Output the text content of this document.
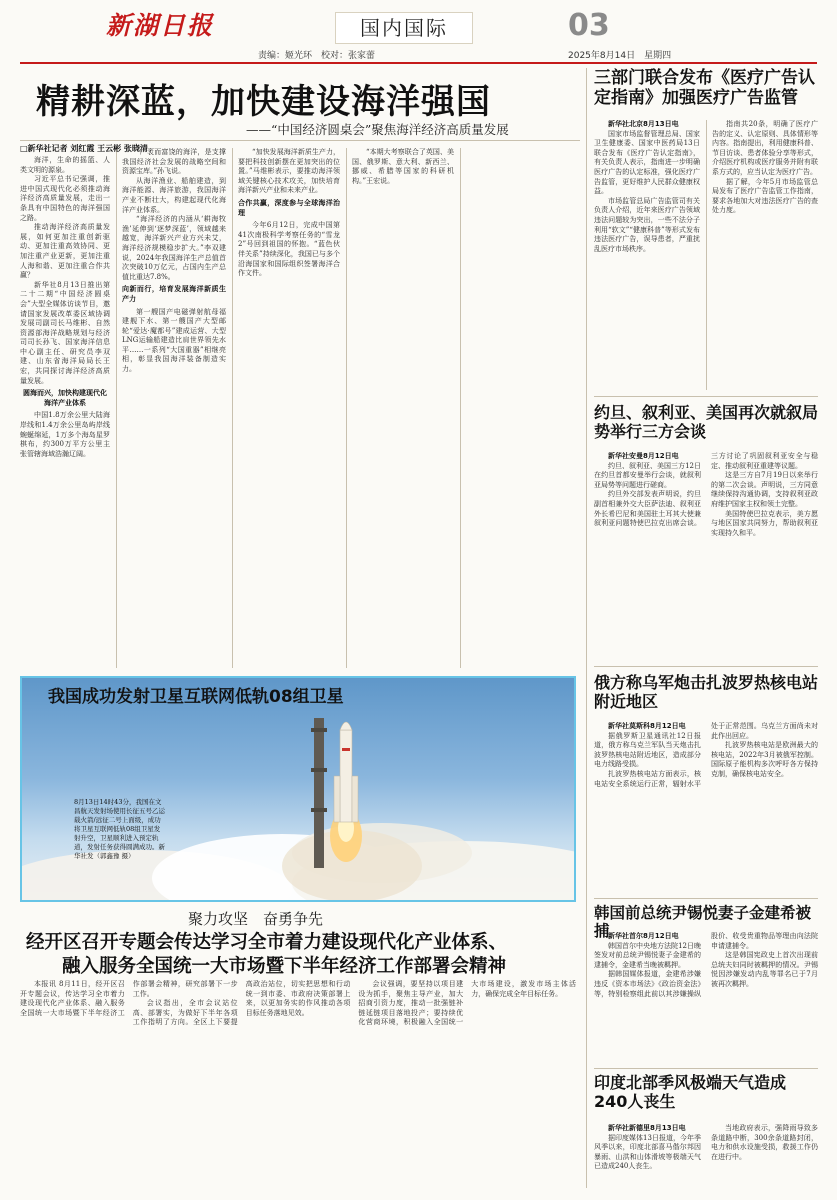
新湖日报	国内国际	03
责编：姬光环　校对：张家蕾	2025年8月14日　星期四
精耕深蓝，加快建设海洋强国
——“中国经济圆桌会”聚焦海洋经济高质量发展
□新华社记者 刘红霞 王云彬 张晓清

海洋，生命的摇篮、人类文明的源泉。

习近平总书记强调，推进中国式现代化必须推动海洋经济高质量发展，走出一条具有中国特色的海洋强国之路。

推动海洋经济高质量发展，如何更加注重创新驱动、更加注重高效协同、更加注重产业更新，更加注重人海和谐、更加注重合作共赢？

新华社8月13日推出第二十二期“中国经济圆桌会”大型全媒体访谈节目，邀请国家发展改革委区域协调发展司副司长马维彬、自然资源部海洋战略规划与经济司司长孙飞、国家海洋信息中心副主任、研究员李双建、山东省海洋局局长王宏，共同探讨海洋经济高质量发展。

圆海而兴，加快构建现代化海洋产业体系

中国1.8万余公里大陆海岸线和1.4万余公里岛屿岸线蜿蜒绵延，1万多个海岛星罗棋布，约300万平方公里主张管辖海域浩瀚辽阔。

“广袤而富饶的海洋，是支撑我国经济社会发展的战略空间和资源宝库。”孙飞说。

从海洋渔业、船舶建造，到海洋能源、海洋旅游，我国海洋产业不断壮大，构建起现代化海洋产业体系。

“海洋经济的内涵从‘耕海牧渔’延伸到‘逐梦深蓝’，领域越来越宽，海洋新兴产业方兴未艾，海洋经济规模稳步扩大。”李双建说，2024年我国海洋生产总值首次突破10万亿元，占国内生产总值比重达7.8%。

向新而行，培育发展海洋新质生产力

第一艘国产电磁弹射航母福建舰下水、第一艘国产大型邮轮“爱达·魔都号”建成运营、大型LNG运输船建造比肩世界领先水平……一系列“大国重器”相继亮相，彰显我国海洋装备制造实力。

“加快发展海洋新质生产力，要把科技创新摆在更加突出的位置。”马维彬表示，要推动海洋领域关键核心技术攻关，加快培育海洋新兴产业和未来产业。

合作共赢，深度参与全球海洋治理

今年6月12日，完成中国第41次南极科学考察任务的“雪龙2”号回到祖国的怀抱。“蓝色伙伴关系”持续深化，我国已与多个沿海国家和国际组织签署海洋合作文件。

“本期大考察联合了英国、美国、俄罗斯、意大利、新西兰、挪威、希腊等国家的科研机构。”王宏说。

我国成功发射卫星互联网低轨08组卫星
8月13日14时43分，我国在文昌航天发射场使用长征五号乙运载火箭/远征二号上面级，成功将卫星互联网低轨08组卫星发射升空，卫星顺利进入预定轨道，发射任务获得圆满成功。新华社发（郭鑫豫 摄）
聚力攻坚　奋勇争先
经开区召开专题会传达学习全市着力建设现代化产业体系、
融入服务全国统一大市场暨下半年经济工作部署会精神

本报讯 8月11日，经开区召开专题会议，传达学习全市着力建设现代化产业体系、融入服务全国统一大市场暨下半年经济工作部署会精神，研究部署下一步工作。

会议指出，全市会议站位高、部署实，为做好下半年各项工作指明了方向。全区上下要提高政治站位，切实把思想和行动统一到市委、市政府决策部署上来，以更加务实的作风推动各项目标任务落地见效。

会议强调，要坚持以项目建设为抓手，聚焦主导产业，加大招商引资力度，推动一批强链补链延链项目落地投产；要持续优化营商环境，积极融入全国统一大市场建设，激发市场主体活力，确保完成全年目标任务。

三部门联合发布《医疗广告认定指南》加强医疗广告监管

新华社北京8月13日电

国家市场监督管理总局、国家卫生健康委、国家中医药局13日联合发布《医疗广告认定指南》，有关负责人表示，指南进一步明确医疗广告的认定标准，强化医疗广告监管，更好维护人民群众健康权益。

市场监管总局广告监管司有关负责人介绍，近年来医疗广告领域违法问题较为突出，一些不法分子利用“软文”“健康科普”等形式发布违法医疗广告，误导患者，严重扰乱医疗市场秩序。

指南共20条，明确了医疗广告的定义、认定原则、具体情形等内容。指南提出，利用健康科普、节目访谈、患者体验分享等形式，介绍医疗机构或医疗服务并附有联系方式的，应当认定为医疗广告。

据了解，今年5月市场监管总局发布了医疗广告监管工作指南，要求各地加大对违法医疗广告的查处力度。

约旦、叙利亚、美国再次就叙局势举行三方会谈

新华社安曼8月12日电

约旦、叙利亚、美国三方12日在约旦首都安曼举行会谈，就叙利亚局势等问题进行磋商。

约旦外交部发表声明说，约旦副首相兼外交大臣萨法迪、叙利亚外长希巴尼和美国驻土耳其大使兼叙利亚问题特使巴拉克出席会谈。三方讨论了巩固叙利亚安全与稳定、推动叙利亚重建等议题。

这是三方自7月19日以来举行的第二次会谈。声明说，三方同意继续保持沟通协调，支持叙利亚政府维护国家主权和领土完整。

美国特使巴拉克表示，美方愿与地区国家共同努力，帮助叙利亚实现持久和平。

俄方称乌军炮击扎波罗热核电站附近地区

新华社莫斯科8月12日电

据俄罗斯卫星通讯社12日报道，俄方称乌克兰军队当天炮击扎波罗热核电站附近地区，造成部分电力线路受损。

扎波罗热核电站方面表示，核电站安全系统运行正常，辐射水平处于正常范围。乌克兰方面尚未对此作出回应。

扎波罗热核电站是欧洲最大的核电站，2022年3月被俄军控制。国际原子能机构多次呼吁各方保持克制，确保核电站安全。

韩国前总统尹锡悦妻子金建希被捕

新华社首尔8月12日电

韩国首尔中央地方法院12日晚签发对前总统尹锡悦妻子金建希的逮捕令，金建希当晚被羁押。

据韩国媒体报道，金建希涉嫌违反《资本市场法》《政治资金法》等，特别检察组此前以其涉嫌操纵股价、收受贵重物品等理由向法院申请逮捕令。

这是韩国宪政史上首次出现前总统夫妇同时被羁押的情况。尹锡悦因涉嫌发动内乱等罪名已于7月被再次羁押。

印度北部季风极端天气造成240人丧生

新华社新德里8月13日电

据印度媒体13日报道，今年季风季以来，印度北部喜马偕尔邦因暴雨、山洪和山体滑坡等极端天气已造成240人丧生。

当地政府表示，强降雨导致多条道路中断，300余条道路封闭，电力和供水设施受损，救援工作仍在进行中。
